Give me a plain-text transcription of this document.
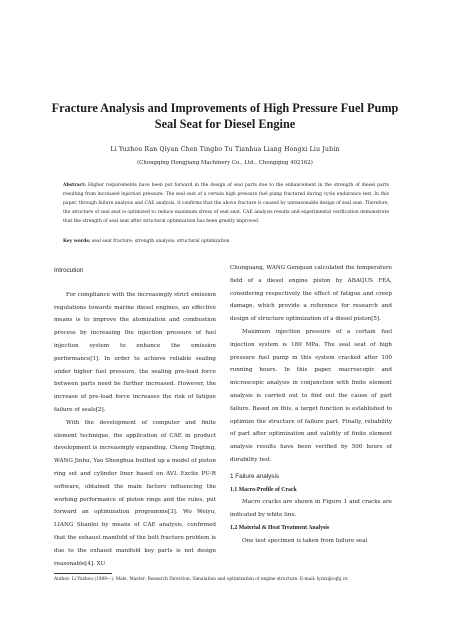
Fracture Analysis and Improvements of High Pressure Fuel Pump Seal Seat for Diesel Engine

Li Yuzhou Ran Qiyan Chen Tingbo Tu Tianhua Liang Hongxi Liu Jubin

(Chongqing Hongjiang Machinery Co., Ltd., Chongqing 402162)

Abstract: Higher requirements have been put forward in the design of seal parts due to the enhancement in the strength of diesel parts resulting from increased injection pressure. The seal seat of a certain high pressure fuel pump fractured during cycle endurance test. In this paper, through failure analysis and CAE analysis, it confirms that the above fracture is caused by unreasonable design of seal seat. Therefore, the structure of seal seat is optimized to reduce maximum stress of seal seat. CAE analysis results and experimental verification demonstrate that the strength of seal seat after structural optimization has been greatly improved.

Key words: seal seat fracture; strength analysis; structural optimization

Introcution

For compliance with the increasingly strict emission regulations towards marine diesel engines, an effective means is to improve the atomization and combustion process by increasing the injection pressure of fuel injection system to enhance the emission performance[1]. In order to achieve reliable sealing under higher fuel pressure, the sealing pre-load force between parts need be further increased. However, the increase of pre-load force increases the risk of fatigue failure of seals[2].

With the development of computer and finite element technique, the application of CAE in product development is increasingly expanding. Cheng Tingting, WANG Jinhu, Yao Shenghua builted up a model of piston ring set and cylinder liner based on AVL Excite PU-R software, obtained the main factors influencing the working performance of piston rings and the rules, put forward an optimization programme[3]. Wo Weiyu, LIANG Shanlei by means of CAE analysis, confirmed that the exhaust manifold of the bolt fracture problem is due to the exhaust manifold key parts is not design reasonable[4]. XU

Chunguang, WANG Genquan calculated the temperature field of a diesel engine piston by ABAQUS FEA, considering respectively the effect of fatigue and creep damage, which provide a reference for research and design of structure optimization of a diesel piston[5].

Maximum injection pressure of a certain fuel injection system is 180 MPa. The seal seat of high pressure fuel pump in this system cracked after 100 running hours. In this paper, macroscopic and microscopic analysis in conjunction with finite element analysis is carried out to find out the cause of part failure. Based on this, a target function is established to optimize the structure of failure part. Finally, reliability of part after optimization and validity of finite element analysis results have been verified by 500 hours of durability test.

1 Failure analysis
1.1 Macro-Profile of Crack

Macro cracks are shown in Figure 1 and cracks are indicated by white line.

1.2 Material & Heat Treatment Analysis

One test specimen is taken from failure seal

Author: Li Yuzhou (1988—), Male, Master; Research Direction: Simulation and optimization of engine structure. E-mail: lyzxx@cqhj.cn
